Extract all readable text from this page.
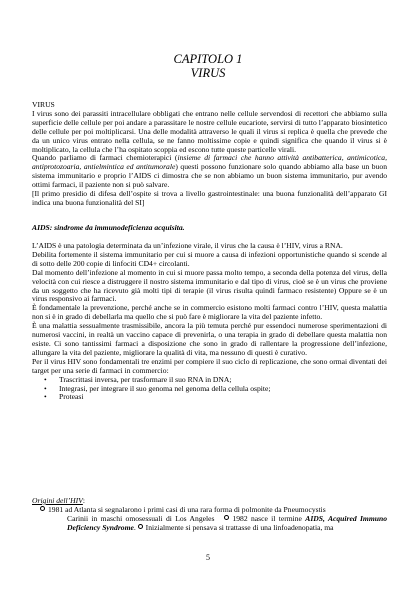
CAPITOLO 1
VIRUS

VIRUS

I virus sono dei parassiti intracellulare obbligati che entrano nelle cellule servendosi di recettori che abbiamo sulla superficie delle cellule per poi andare a parassitare le nostre cellule eucariote, servirsi di tutto l’apparato biosintetico delle cellule per poi moltiplicarsi. Una delle modalità attraverso le quali il virus si replica è quella che prevede che da un unico virus entrato nella cellula, se ne fanno moltissime copie e quindi significa che quando il virus si è moltiplicato, la cellula che l’ha ospitato scoppia ed escono tutte queste particelle virali.

Quando parliamo di farmaci chemioterapici (insieme di farmaci che hanno attività antibatterica, antimicotica, antiprotozoaria, antielmintica ed antitumorale) questi possono funzionare solo quando abbiamo alla base un buon sistema immunitario e proprio l’AIDS ci dimostra che se non abbiamo un buon sistema immunitario, pur avendo ottimi farmaci, il paziente non si può salvare.

[Il primo presidio di difesa dell’ospite si trova a livello gastrointestinale: una buona funzionalità dell’apparato GI indica una buona funzionalità del SI]

AIDS: sindrome da immunodeficienza acquisita.

L’AIDS è una patologia determinata da un’infezione virale, il virus che la causa è l’HIV, virus a RNA.

Debilita fortemente il sistema immunitario per cui si muore a causa di infezioni opportunistiche quando si scende al di sotto delle 200 copie di linfociti CD4+ circolanti.

Dal momento dell’infezione al momento in cui si muore passa molto tempo, a seconda della potenza del virus, della velocità con cui riesce a distruggere il nostro sistema immunitario e dal tipo di virus, cioè se è un virus che proviene da un soggetto che ha ricevuto già molti tipi di terapie (il virus risulta quindi farmaco resistente) Oppure se è un virus responsivo ai farmaci.

È fondamentale la prevenzione, perché anche se in commercio esistono molti farmaci contro l’HIV, questa malattia non si è in grado di debellarla ma quello che si può fare è migliorare la vita del paziente infetto.

È una malattia sessualmente trasmissibile, ancora la più temuta perché pur essendoci numerose sperimentazioni di numerosi vaccini, in realtà un vaccino capace di prevenirla, o una terapia in grado di debellare questa malattia non esiste. Ci sono tantissimi farmaci a disposizione che sono in grado di rallentare la progressione dell’infezione, allungare la vita del paziente, migliorare la qualità di vita, ma nessuno di questi è curativo.

Per il virus HIV sono fondamentali tre enzimi per compiere il suo ciclo di replicazione, che sono ormai diventati dei target per una serie di farmaci in commercio:

• Trascrittasi inversa, per trasformare il suo RNA in DNA;
• Integrasi, per integrare il suo genoma nel genoma della cellula ospite;
• Proteasi

Origini dell’HIV:

1981 ad Atlanta si segnalarono i primi casi di una rara forma di polmonite da Pneumocystis

Carinii in maschi omosessuali di Los Angeles 1982 nasce il termine AIDS, Acquired Immuno Deficiency Syndrome. Inizialmente si pensava si trattasse di una linfoadenopatia, ma

5
